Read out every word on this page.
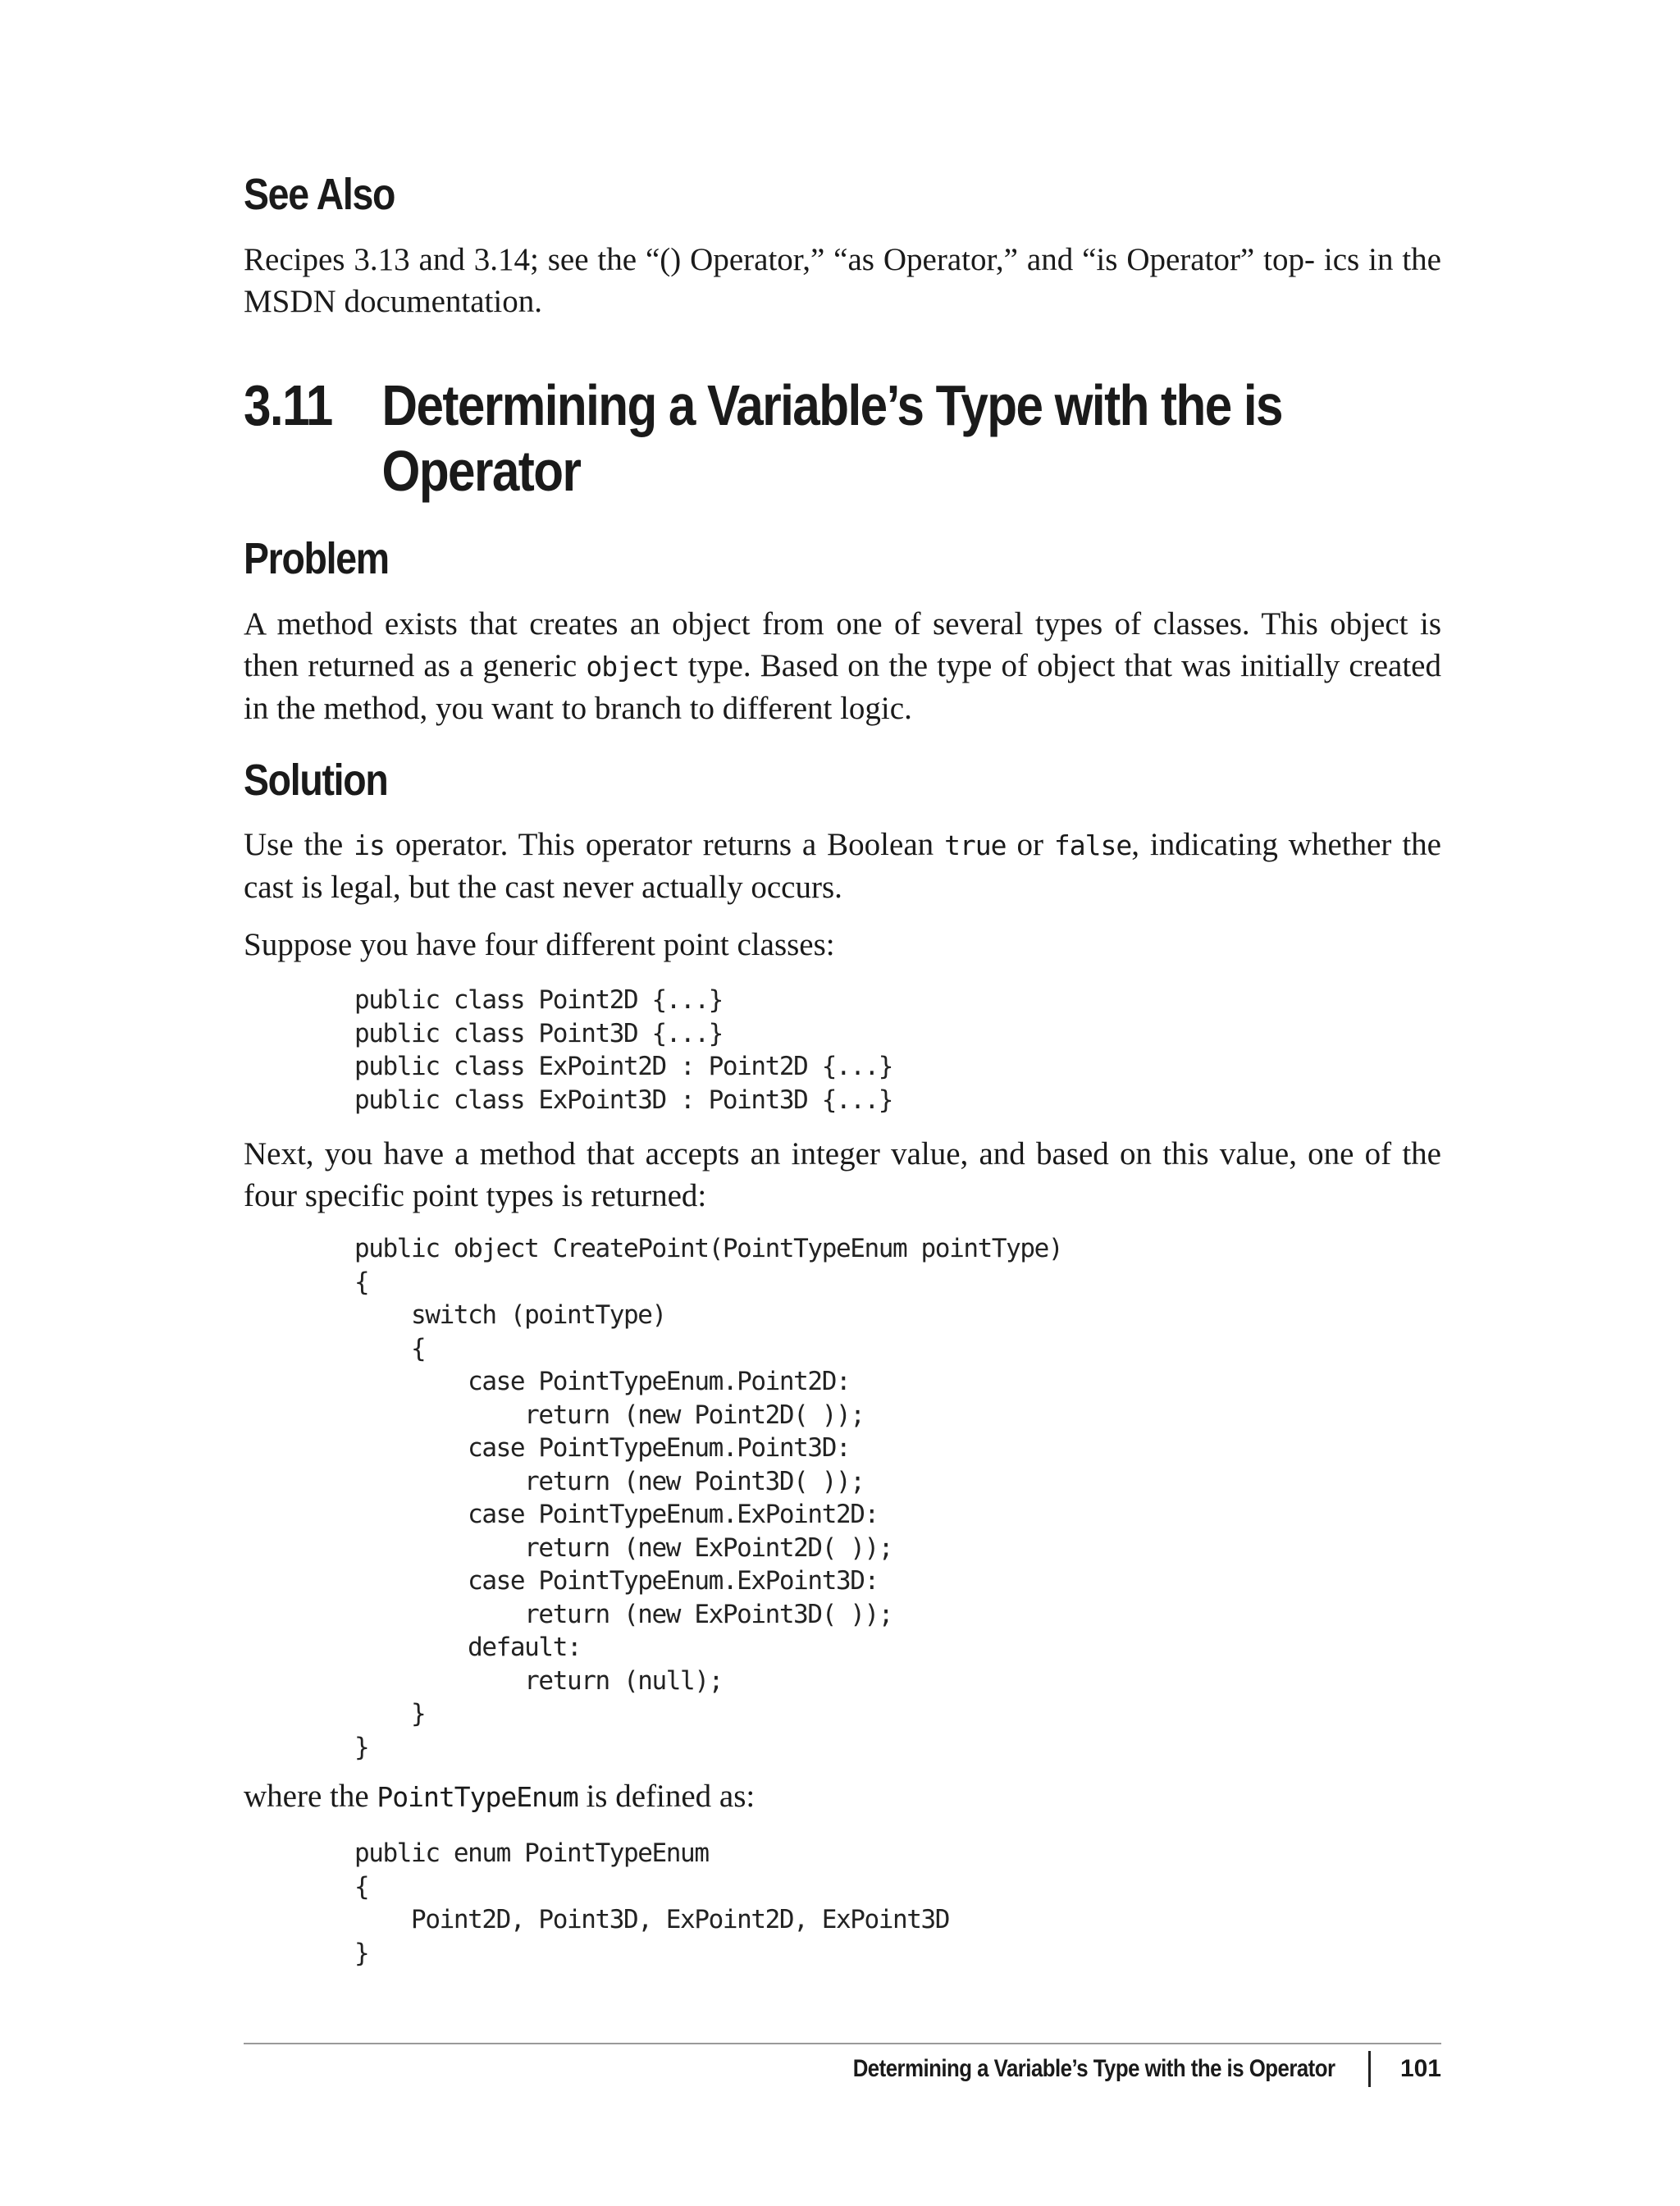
See Also

Recipes 3.13 and 3.14; see the “() Operator,” “as Operator,” and “is Operator” top- ics in the MSDN documentation.

3.11 Determining a Variable’s Type with the is Operator
Problem

A method exists that creates an object from one of several types of classes. This object is then returned as a generic object type. Based on the type of object that was initially created in the method, you want to branch to different logic.

Solution

Use the is operator. This operator returns a Boolean true or false, indicating whether the cast is legal, but the cast never actually occurs.

Suppose you have four different point classes:

public class Point2D {...}
public class Point3D {...}
public class ExPoint2D : Point2D {...}
public class ExPoint3D : Point3D {...}

Next, you have a method that accepts an integer value, and based on this value, one of the four specific point types is returned:

public object CreatePoint(PointTypeEnum pointType)
{
switch (pointType)
{
case PointTypeEnum.Point2D:
return (new Point2D( ));
case PointTypeEnum.Point3D:
return (new Point3D( ));
case PointTypeEnum.ExPoint2D:
return (new ExPoint2D( ));
case PointTypeEnum.ExPoint3D:
return (new ExPoint3D( ));
default:
return (null);
}
}

where the PointTypeEnum is defined as:

public enum PointTypeEnum
{
Point2D, Point3D, ExPoint2D, ExPoint3D
}
Determining a Variable’s Type with the is Operator	101
